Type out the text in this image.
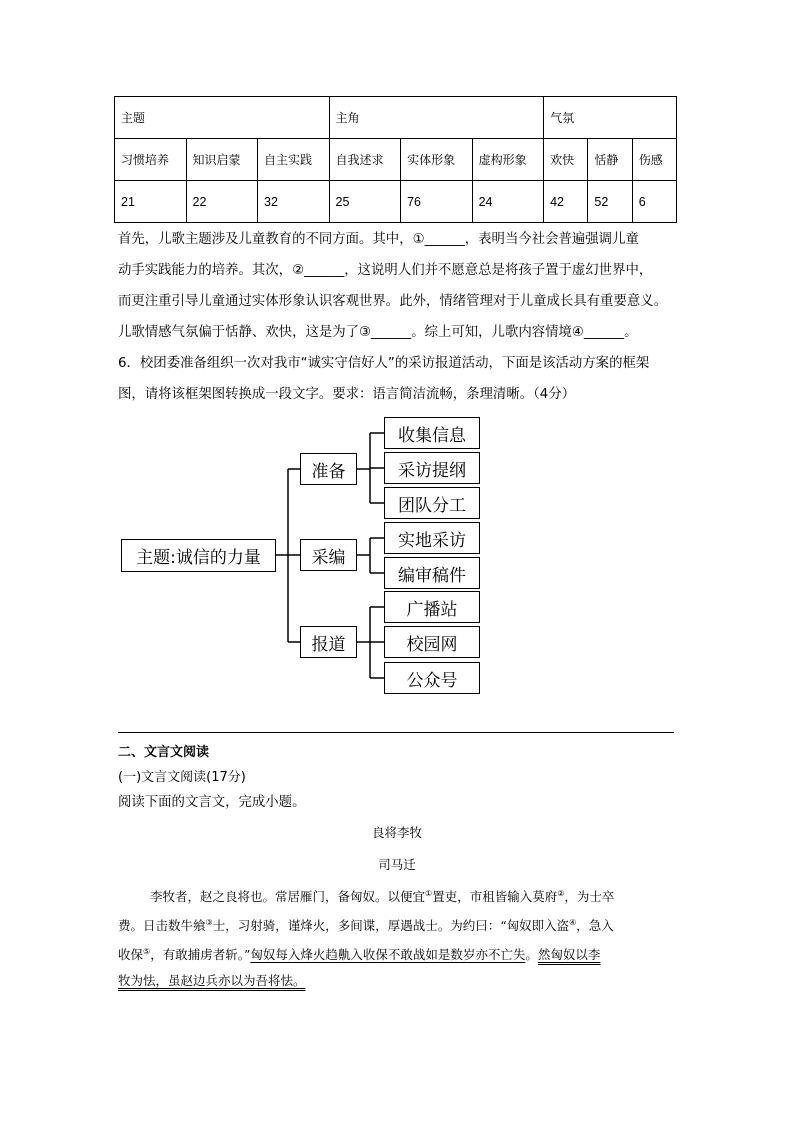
主题			主角			气氛		
习惯培养	知识启蒙	自主实践	自我述求	实体形象	虚构形象	欢快	恬静	伤感
21	22	32	25	76	24	42	52	6
首先，儿歌主题涉及儿童教育的不同方面。其中，①______，表明当今社会普遍强调儿童
动手实践能力的培养。其次，②______，这说明人们并不愿意总是将孩子置于虚幻世界中，
而更注重引导儿童通过实体形象认识客观世界。此外，情绪管理对于儿童成长具有重要意义。
儿歌情感气氛偏于恬静、欢快，这是为了③______。综上可知，儿歌内容情境④______。
6．校团委准备组织一次对我市“诚实守信好人”的采访报道活动，下面是该活动方案的框架
图，请将该框架图转换成一段文字。要求：语言简洁流畅，条理清晰。（4分）
主题:诚信的力量
准备
采编
报道
收集信息
采访提纲
团队分工
实地采访
编审稿件
广播站
校园网
公众号
二、文言文阅读
(一)文言文阅读(17分)
阅读下面的文言文，完成小题。
良将李牧
司马迁
李牧者，赵之良将也。常居雁门，备匈奴。以便宜①置吏，市租皆输入莫府②，为士卒
费。日击数牛飨③士，习射骑，谨烽火，多间谍，厚遇战士。为约曰：“匈奴即入盗④，急入
收保⑤，有敢捕虏者斩。”匈奴每入烽火趋鼽入收保不敢战如是数岁亦不亡失。然匈奴以李
牧为怯，虽赵边兵亦以为吾将怯。
